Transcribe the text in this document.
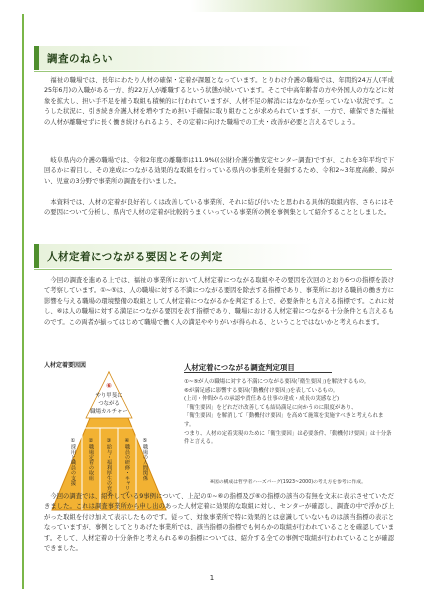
調査のねらい

　福祉の職場では、長年にわたり人材の確保・定着が課題となっています。とりわけ介護の職場では、年間約24万人(平成25年6月)の入職がある一方、約22万人が離職するという状態が続いています。そこで中高年齢者の方や外国人の方などに対象を拡大し、担い手不足を補う取組も積極的に行われていますが、人材不足の解消にはなかなか至っていない状況です。こうした状況に、引き続き介護人材を増やすため担い手確保に取り組むことが求められていますが、一方で、確保できた福祉の人材が離職せずに長く働き続けられるよう、その定着に向けた職場での工夫・改善が必要と言えるでしょう。

　岐阜県内の介護の職場では、令和2年度の離職率は11.9%((公財)介護労働安定センター調査)ですが、これを3年平均で下回るかに着目し、その達成につながる効果的な取組を行っている県内の事業所を発掘するため、令和2~3年度高齢、障がい、児童の3分野で事業所の調査を行いました。

　本資料では、人材の定着が良好若しくは改善している事業所、それに結び付いたと思われる具体的取組内容、さらにはその要因について分析し、県内で人材の定着が比較的うまくいっている事業所の例を事例集として紹介することとしました。

人材定着につながる要因とその判定

　今回の調査を進める上では、福祉の事業所において人材定着につながる取組やその要因を次回のとおり6つの指標を設けて考察しています。①~⑤は、人の職場に対する不満につながる要因を除去する指標であり、事業所における職員の働き方に影響を与える職場の環境整備の取組として人材定着につながるかを判定する上で、必要条件とも言える指標です。これに対し、⑥は人の職場に対する満足につながる要因を表す指標であり、職場における人材定着につながる十分条件とも言えるものです。この両者が揃ってはじめて職場で働く人の満足ややりがいが得られる、ということではないかと考えられます。

人材定着要因図
⑥
やり甲斐に
つながる
職場カルチャー
①採用と職員の支援 ②職場定着の取組 ③給与・福利厚生の充実 ④職員の研修・キャリア ⑤職場の人間関係
人材定着につながる調査判定項目

①~⑤が人の職場に対する不満につながる要因(「衛生要因」)を解決するもの。
⑥が満足感に影響する要因(「動機付け要因」)を表しているもの。
(上司・仲間からの承認や責任ある仕事の達成・成長の実感など)
「衛生要因」をどれだけ改善しても結局満足に向かうのに限度があり、
「衛生要因」を解消して「動機付け要因」を高めて施策を実施すべきと考えられます。
つまり、人材の定着実現のために「衛生要因」は必要条件、「動機付け要因」は十分条件と言える。

※図の構成は哲学者ハーズバーグ(1923~2000)の考え方を参考に作成。

　今回の調査では、紹介している9事例について、上記の①~⑥の指標及び⑥の指標の該当の有無を文末に表示させていただきました。これは調査事業所から申し出のあった人材定着に効果的な取組に対し、センターが確認し、調査の中で浮かび上がった取組を付け加えて表示したものです。従って、対象事業所で特に効果的とは意識していないものは該当指標の表示となっていますが、事例としてとりあげた事業所では、該当指標の指標でも何らかの取組が行われていることを確認しています。そして、人材定着の十分条件と考えられる⑥の指標については、紹介する全ての事例で取組が行われていることが確認できました。

1
